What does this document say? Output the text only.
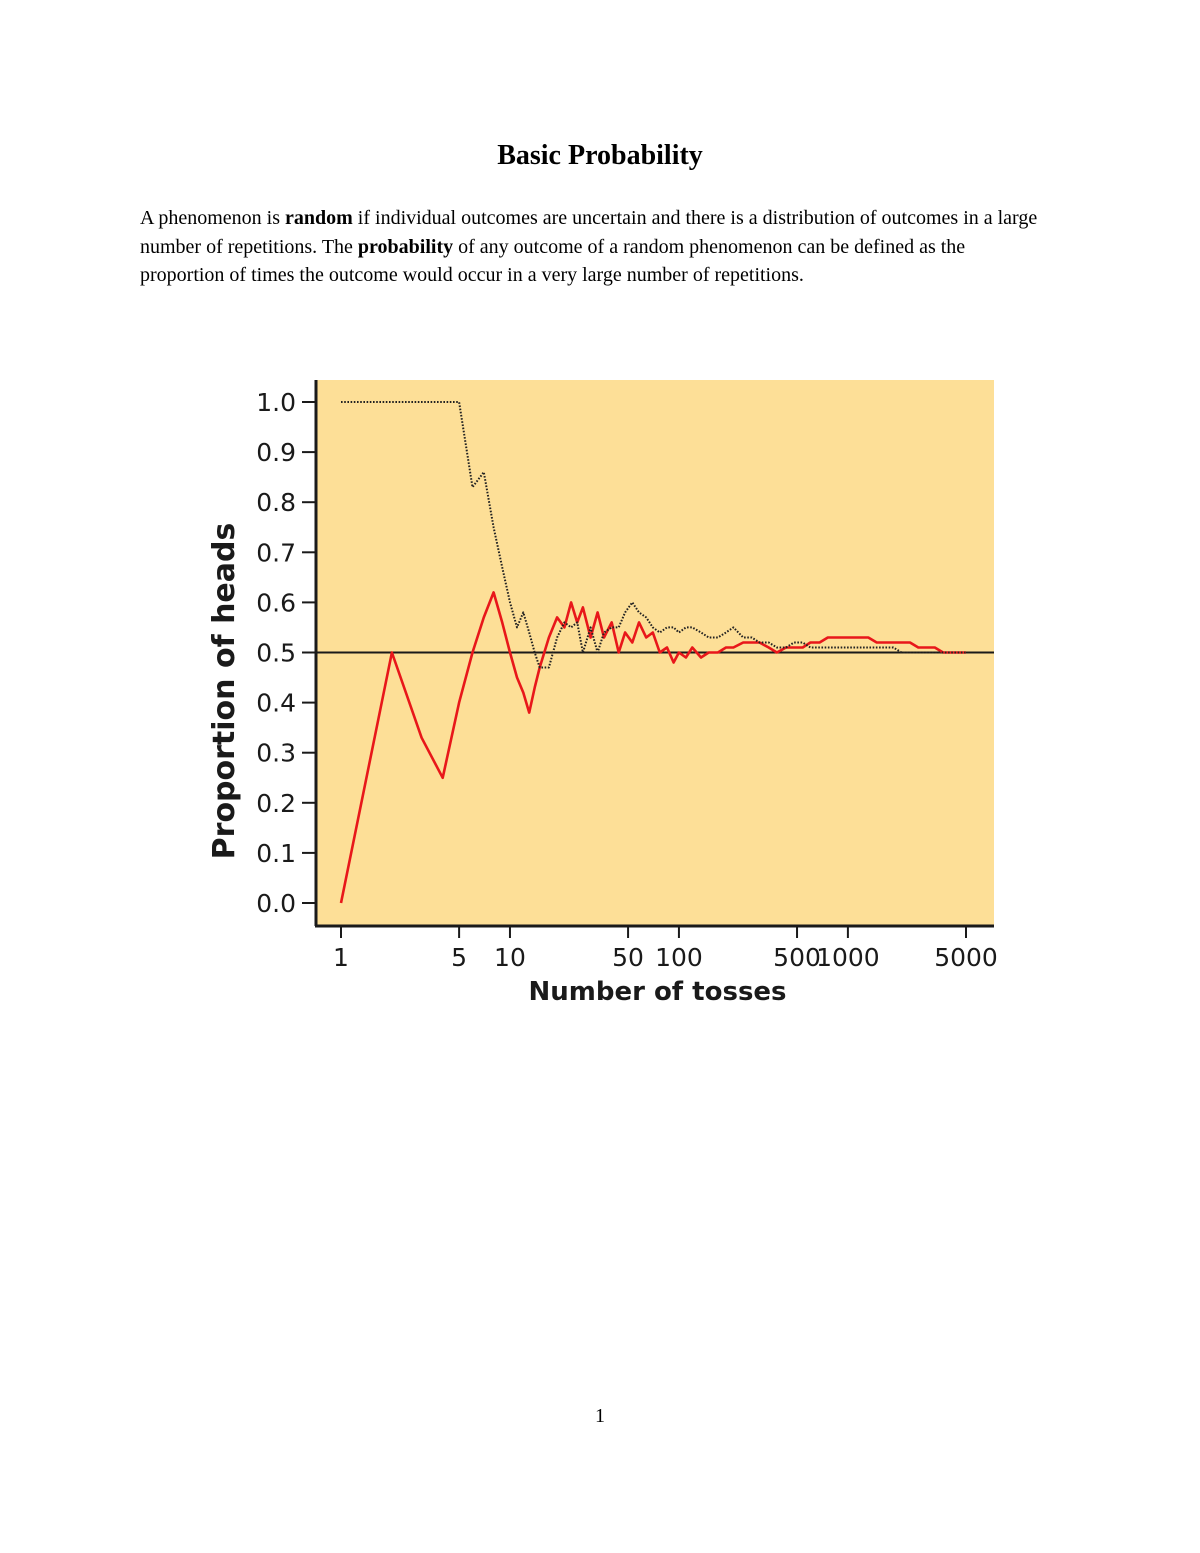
Basic Probability

A phenomenon is random if individual outcomes are uncertain and there is a distribution of outcomes in a large number of repetitions. The probability of any outcome of a random phenomenon can be defined as the proportion of times the outcome would occur in a very large number of repetitions.

0.0
0.1
0.2
0.3
0.4
0.5
0.6
0.7
0.8
0.9
1.0
1	5 10	50 100	500
1000 5000
Number of tosses
Proportion of heads
1
